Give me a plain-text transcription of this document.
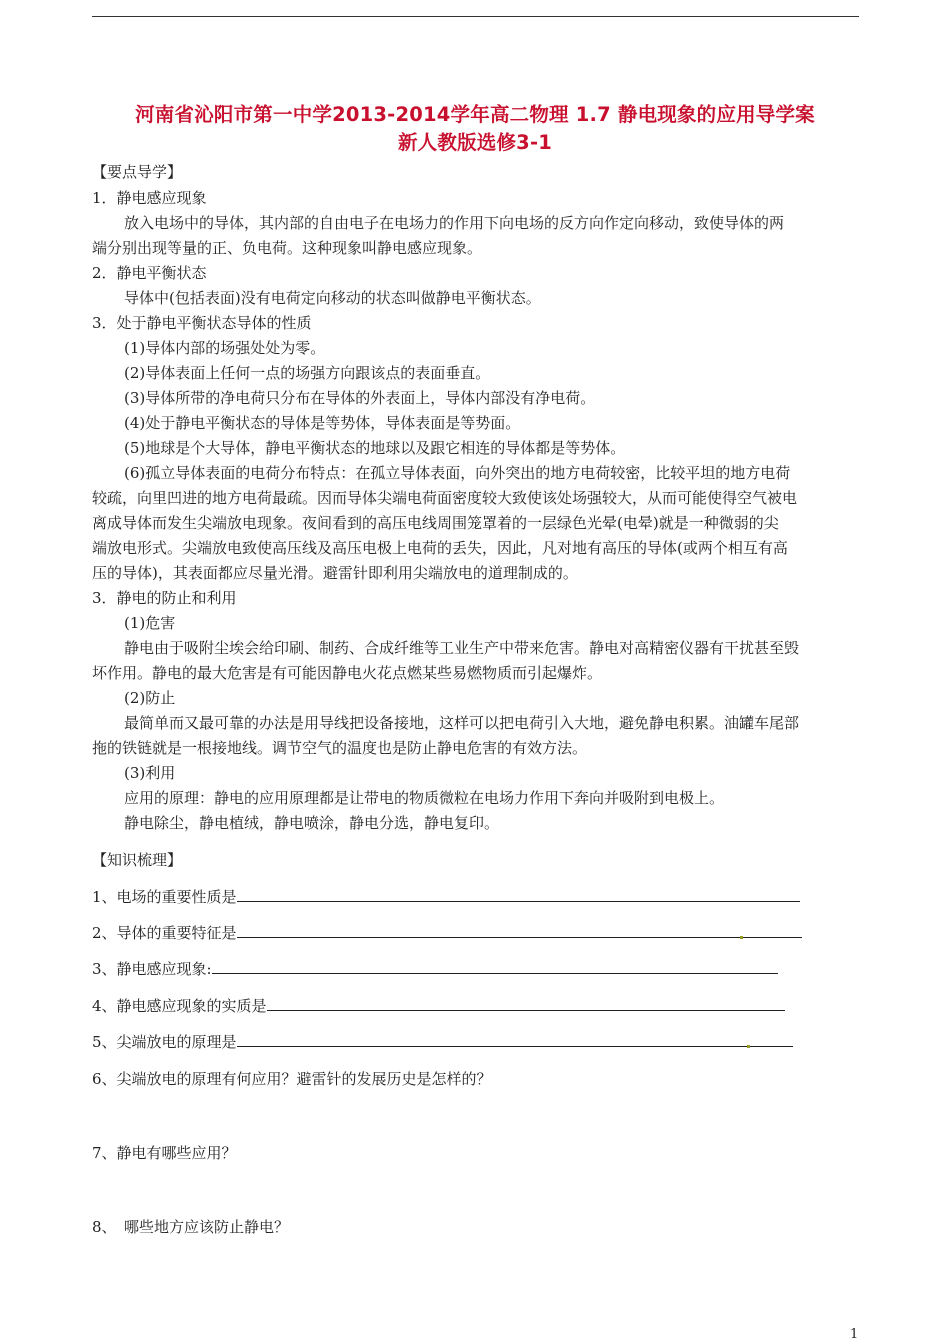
河南省沁阳市第一中学2013-2014学年高二物理 1.7 静电现象的应用导学案
新人教版选修3-1
【要点导学】
1．静电感应现象
放入电场中的导体，其内部的自由电子在电场力的作用下向电场的反方向作定向移动，致使导体的两
端分别出现等量的正、负电荷。这种现象叫静电感应现象。
2．静电平衡状态
导体中(包括表面)没有电荷定向移动的状态叫做静电平衡状态。
3．处于静电平衡状态导体的性质
(1)导体内部的场强处处为零。
(2)导体表面上任何一点的场强方向跟该点的表面垂直。
(3)导体所带的净电荷只分布在导体的外表面上，导体内部没有净电荷。
(4)处于静电平衡状态的导体是等势体，导体表面是等势面。
(5)地球是个大导体，静电平衡状态的地球以及跟它相连的导体都是等势体。
(6)孤立导体表面的电荷分布特点：在孤立导体表面，向外突出的地方电荷较密，比较平坦的地方电荷
较疏，向里凹进的地方电荷最疏。因而导体尖端电荷面密度较大致使该处场强较大，从而可能使得空气被电
离成导体而发生尖端放电现象。夜间看到的高压电线周围笼罩着的一层绿色光晕(电晕)就是一种微弱的尖
端放电形式。尖端放电致使高压线及高压电极上电荷的丢失，因此，凡对地有高压的导体(或两个相互有高
压的导体)，其表面都应尽量光滑。避雷针即利用尖端放电的道理制成的。
3．静电的防止和利用
(1)危害
静电由于吸附尘埃会给印刷、制药、合成纤维等工业生产中带来危害。静电对高精密仪器有干扰甚至毁
坏作用。静电的最大危害是有可能因静电火花点燃某些易燃物质而引起爆炸。
(2)防止
最简单而又最可靠的办法是用导线把设备接地，这样可以把电荷引入大地，避免静电积累。油罐车尾部
拖的铁链就是一根接地线。调节空气的温度也是防止静电危害的有效方法。
(3)利用
应用的原理：静电的应用原理都是让带电的物质微粒在电场力作用下奔向并吸附到电极上。
静电除尘，静电植绒，静电喷涂，静电分选，静电复印。
【知识梳理】
1、电场的重要性质是
2、导体的重要特征是
3、静电感应现象:
4、静电感应现象的实质是
5、尖端放电的原理是
6、尖端放电的原理有何应用？避雷针的发展历史是怎样的？
7、静电有哪些应用？
8、　哪些地方应该防止静电？
1
